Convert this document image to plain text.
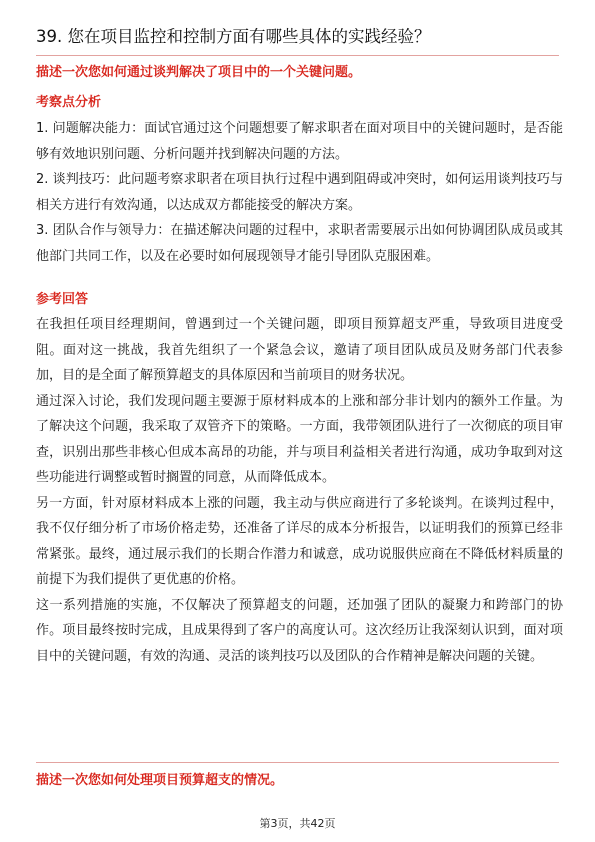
39. 您在项目监控和控制方面有哪些具体的实践经验？

描述一次您如何通过谈判解决了项目中的一个关键问题。

考察点分析

1. 问题解决能力：面试官通过这个问题想要了解求职者在面对项目中的关键问题时，是否能够有效地识别问题、分析问题并找到解决问题的方法。

2. 谈判技巧：此问题考察求职者在项目执行过程中遇到阻碍或冲突时，如何运用谈判技巧与相关方进行有效沟通，以达成双方都能接受的解决方案。

3. 团队合作与领导力：在描述解决问题的过程中，求职者需要展示出如何协调团队成员或其他部门共同工作，以及在必要时如何展现领导才能引导团队克服困难。

参考回答

在我担任项目经理期间，曾遇到过一个关键问题，即项目预算超支严重，导致项目进度受阻。面对这一挑战，我首先组织了一个紧急会议，邀请了项目团队成员及财务部门代表参加，目的是全面了解预算超支的具体原因和当前项目的财务状况。

通过深入讨论，我们发现问题主要源于原材料成本的上涨和部分非计划内的额外工作量。为了解决这个问题，我采取了双管齐下的策略。一方面，我带领团队进行了一次彻底的项目审查，识别出那些非核心但成本高昂的功能，并与项目利益相关者进行沟通，成功争取到对这些功能进行调整或暂时搁置的同意，从而降低成本。

另一方面，针对原材料成本上涨的问题，我主动与供应商进行了多轮谈判。在谈判过程中，我不仅仔细分析了市场价格走势，还准备了详尽的成本分析报告，以证明我们的预算已经非常紧张。最终，通过展示我们的长期合作潜力和诚意，成功说服供应商在不降低材料质量的前提下为我们提供了更优惠的价格。

这一系列措施的实施，不仅解决了预算超支的问题，还加强了团队的凝聚力和跨部门的协作。项目最终按时完成，且成果得到了客户的高度认可。这次经历让我深刻认识到，面对项目中的关键问题，有效的沟通、灵活的谈判技巧以及团队的合作精神是解决问题的关键。

描述一次您如何处理项目预算超支的情况。

第3页，共42页
